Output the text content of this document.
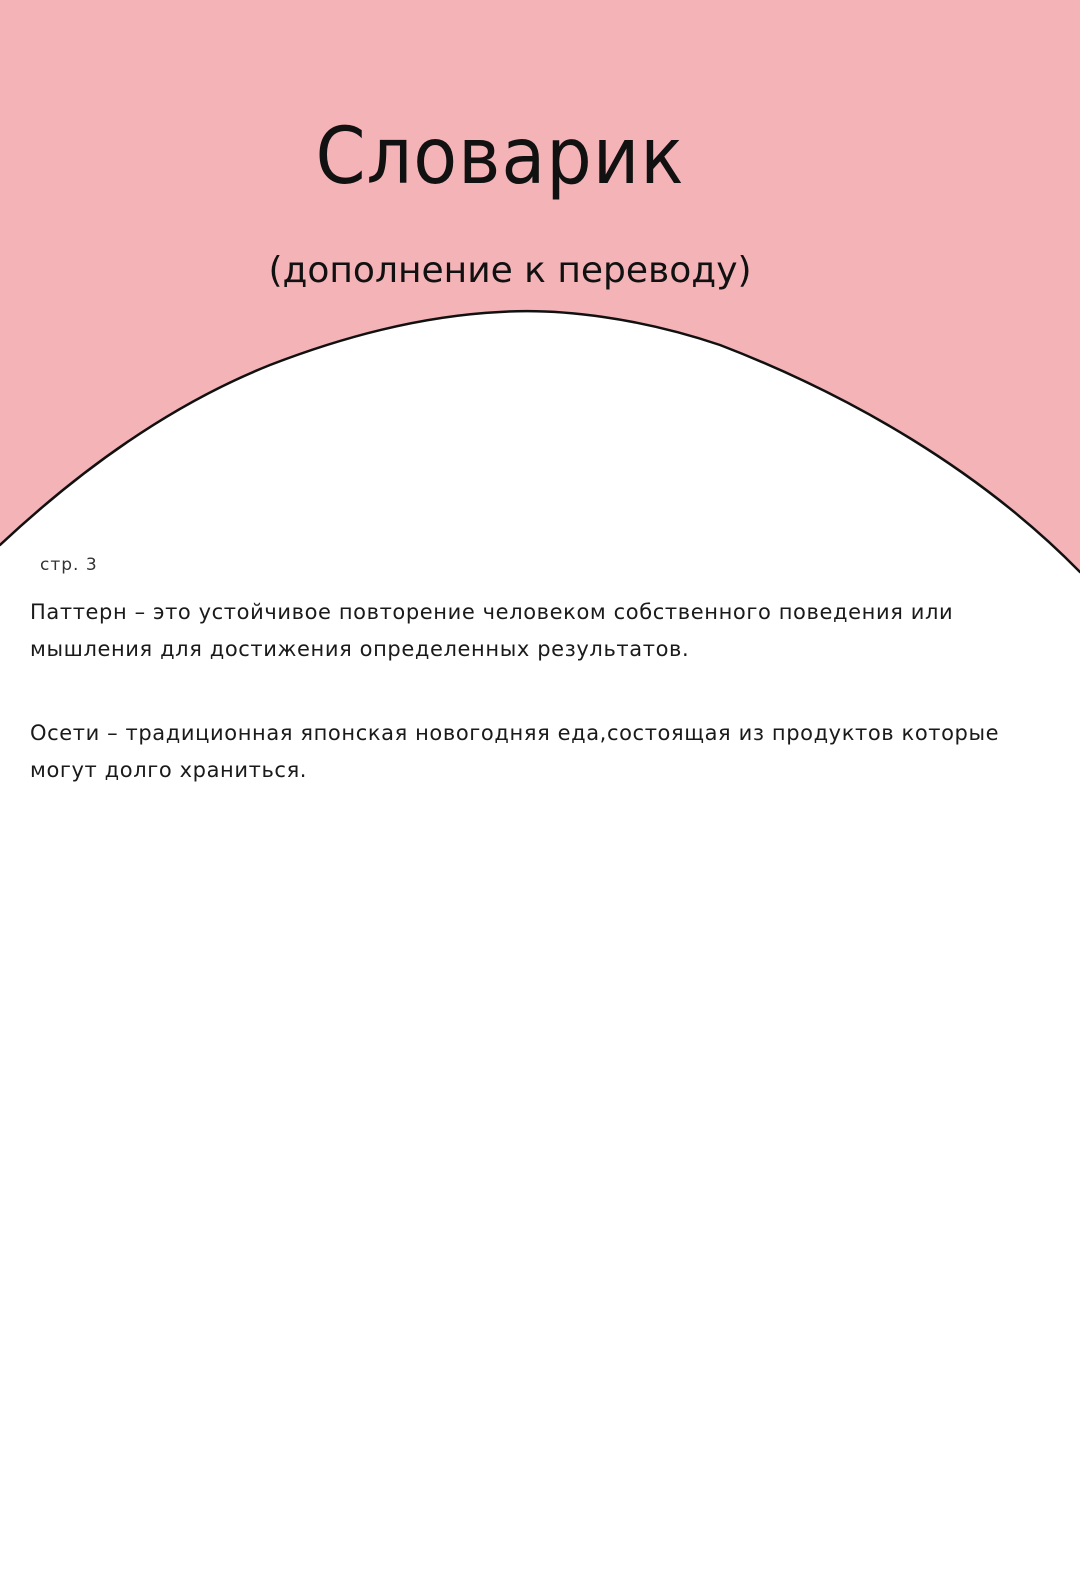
Словарик

(дополнение к переводу)

стр. 3

Паттерн – это устойчивое повторение человеком собственного поведения или мышления для достижения определенных результатов.

Осети – традиционная японская новогодняя еда,состоящая из продуктов которые могут долго храниться.
